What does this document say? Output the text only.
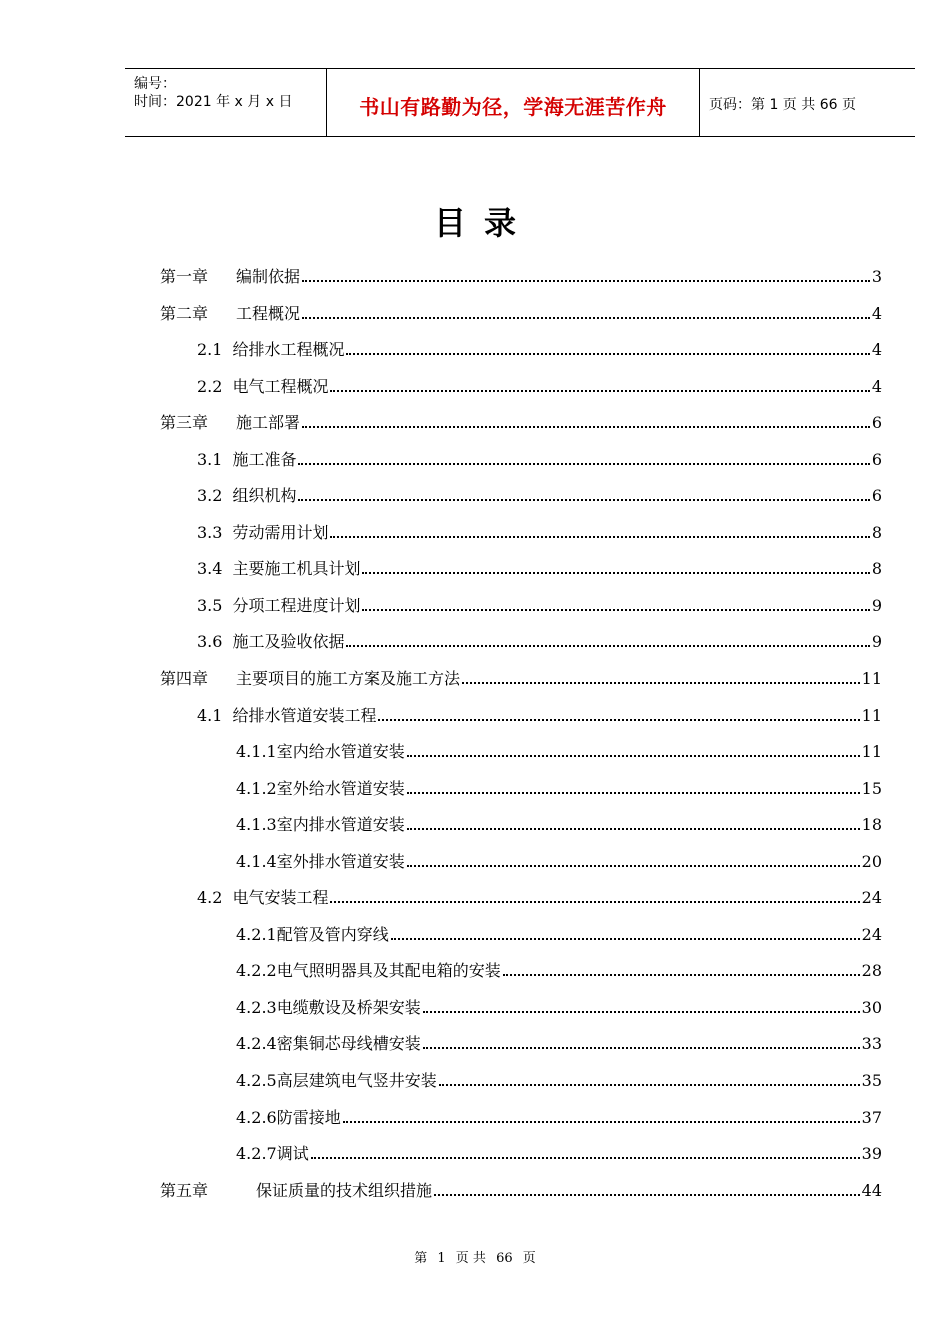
编号：
时间：2021 年 x 月 x 日	书山有路勤为径，学海无涯苦作舟	页码：第 1 页 共 66 页
目录
第一章	编制依据	3
第二章	工程概况	4
2.1 给排水工程概况	4
2.2 电气工程概况	4
第三章	施工部署	6
3.1 施工准备	6
3.2 组织机构	6
3.3 劳动需用计划	8
3.4 主要施工机具计划	8
3.5 分项工程进度计划	9
3.6 施工及验收依据	9
第四章	主要项目的施工方案及施工方法	11
4.1 给排水管道安装工程	11
4.1.1 室内给水管道安装	11
4.1.2 室外给水管道安装	15
4.1.3 室内排水管道安装	18
4.1.4 室外排水管道安装	20
4.2 电气安装工程	24
4.2.1 配管及管内穿线	24
4.2.2 电气照明器具及其配电箱的安装	28
4.2.3 电缆敷设及桥架安装	30
4.2.4 密集铜芯母线槽安装	33
4.2.5 高层建筑电气竖井安装	35
4.2.6 防雷接地	37
4.2.7 调试	39
第五章	保证质量的技术组织措施	44
第 1 页 共 66 页
